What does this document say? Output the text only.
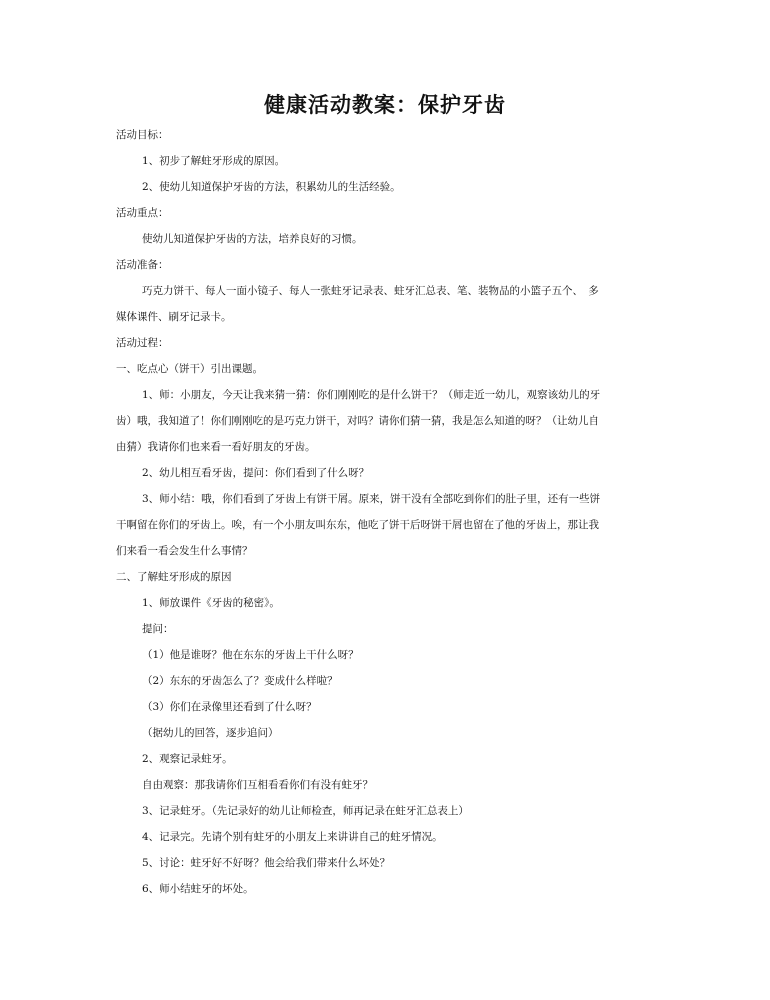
健康活动教案：保护牙齿
活动目标：
1、初步了解蛀牙形成的原因。
2、使幼儿知道保护牙齿的方法，积累幼儿的生活经验。
活动重点：
使幼儿知道保护牙齿的方法，培养良好的习惯。
活动准备：
巧克力饼干、每人一面小镜子、每人一张蛀牙记录表、蛀牙汇总表、笔、装物品的小篮子五个、　多
媒体课件、刷牙记录卡。
活动过程：
一、吃点心（饼干）引出课题。
1、师：小朋友，今天让我来猜一猜：你们刚刚吃的是什么饼干？（师走近一幼儿，观察该幼儿的牙
齿）哦，我知道了！你们刚刚吃的是巧克力饼干，对吗？请你们猜一猜，我是怎么知道的呀？（让幼儿自
由猜）我请你们也来看一看好朋友的牙齿。
2、幼儿相互看牙齿，提问：你们看到了什么呀？
3、师小结：哦，你们看到了牙齿上有饼干屑。原来，饼干没有全部吃到你们的肚子里，还有一些饼
干啊留在你们的牙齿上。唉，有一个小朋友叫东东，他吃了饼干后呀饼干屑也留在了他的牙齿上，那让我
们来看一看会发生什么事情？
二、了解蛀牙形成的原因
1、师放课件《牙齿的秘密》。
提问：
（1）他是谁呀？他在东东的牙齿上干什么呀？
（2）东东的牙齿怎么了？变成什么样啦？
（3）你们在录像里还看到了什么呀？
（据幼儿的回答，逐步追问）
2、观察记录蛀牙。
自由观察：那我请你们互相看看你们有没有蛀牙？
3、记录蛀牙。（先记录好的幼儿让师检查，师再记录在蛀牙汇总表上）
4、记录完。先请个别有蛀牙的小朋友上来讲讲自己的蛀牙情况。
5、讨论：蛀牙好不好呀？他会给我们带来什么坏处？
6、师小结蛀牙的坏处。
